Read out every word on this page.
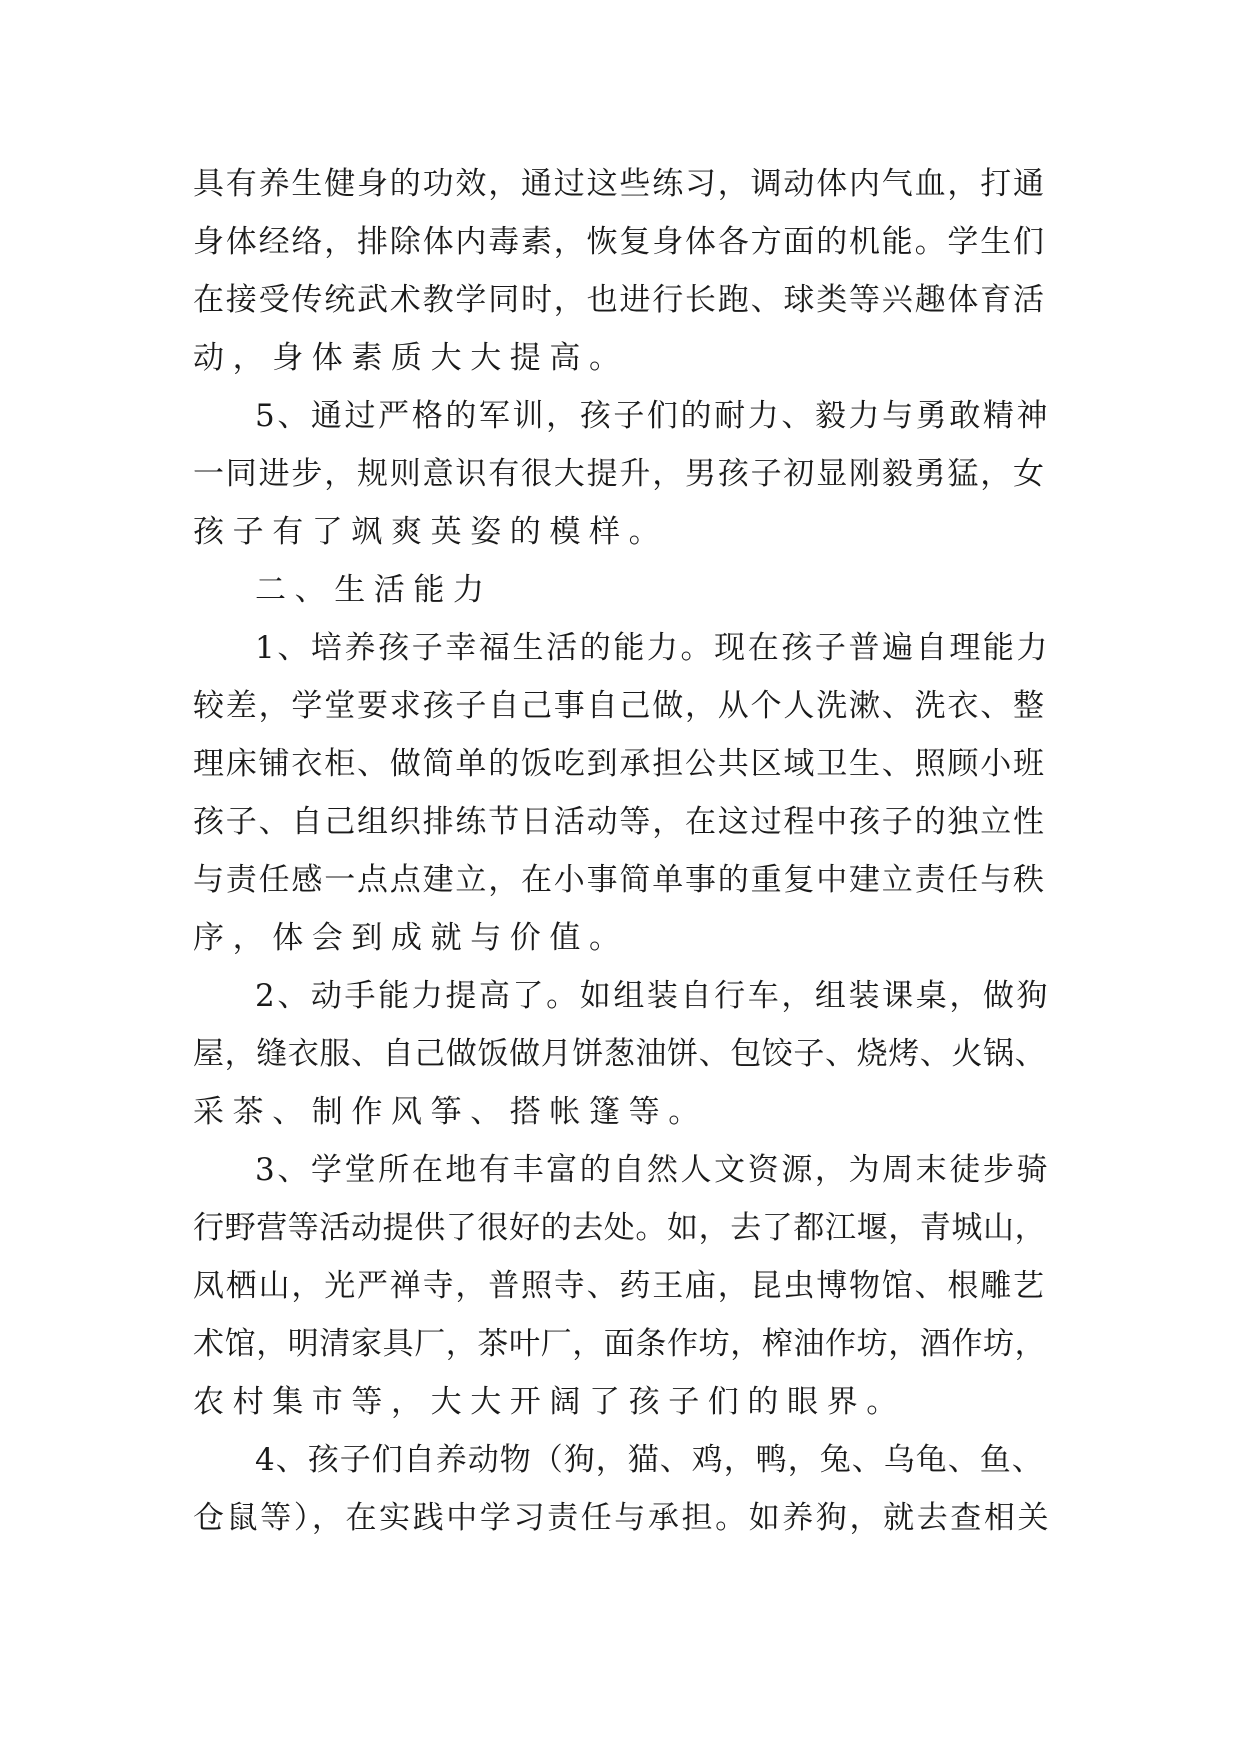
具有养生健身的功效，通过这些练习，调动体内气血，打通
身体经络，排除体内毒素，恢复身体各方面的机能。学生们
在接受传统武术教学同时，也进行长跑、球类等兴趣体育活
动，身体素质大大提高。
5、通过严格的军训，孩子们的耐力、毅力与勇敢精神
一同进步，规则意识有很大提升，男孩子初显刚毅勇猛，女
孩子有了飒爽英姿的模样。
二、生活能力
1、培养孩子幸福生活的能力。现在孩子普遍自理能力
较差，学堂要求孩子自己事自己做，从个人洗漱、洗衣、整
理床铺衣柜、做简单的饭吃到承担公共区域卫生、照顾小班
孩子、自己组织排练节日活动等，在这过程中孩子的独立性
与责任感一点点建立，在小事简单事的重复中建立责任与秩
序，体会到成就与价值。
2、动手能力提高了。如组装自行车，组装课桌，做狗
屋，缝衣服、自己做饭做月饼葱油饼、包饺子、烧烤、火锅、
采茶、制作风筝、搭帐篷等。
3、学堂所在地有丰富的自然人文资源，为周末徒步骑
行野营等活动提供了很好的去处。如，去了都江堰，青城山，
凤栖山，光严禅寺，普照寺、药王庙，昆虫博物馆、根雕艺
术馆，明清家具厂，茶叶厂，面条作坊，榨油作坊，酒作坊，
农村集市等，大大开阔了孩子们的眼界。
4、孩子们自养动物（狗，猫、鸡，鸭，兔、乌龟、鱼、
仓鼠等），在实践中学习责任与承担。如养狗，就去查相关
